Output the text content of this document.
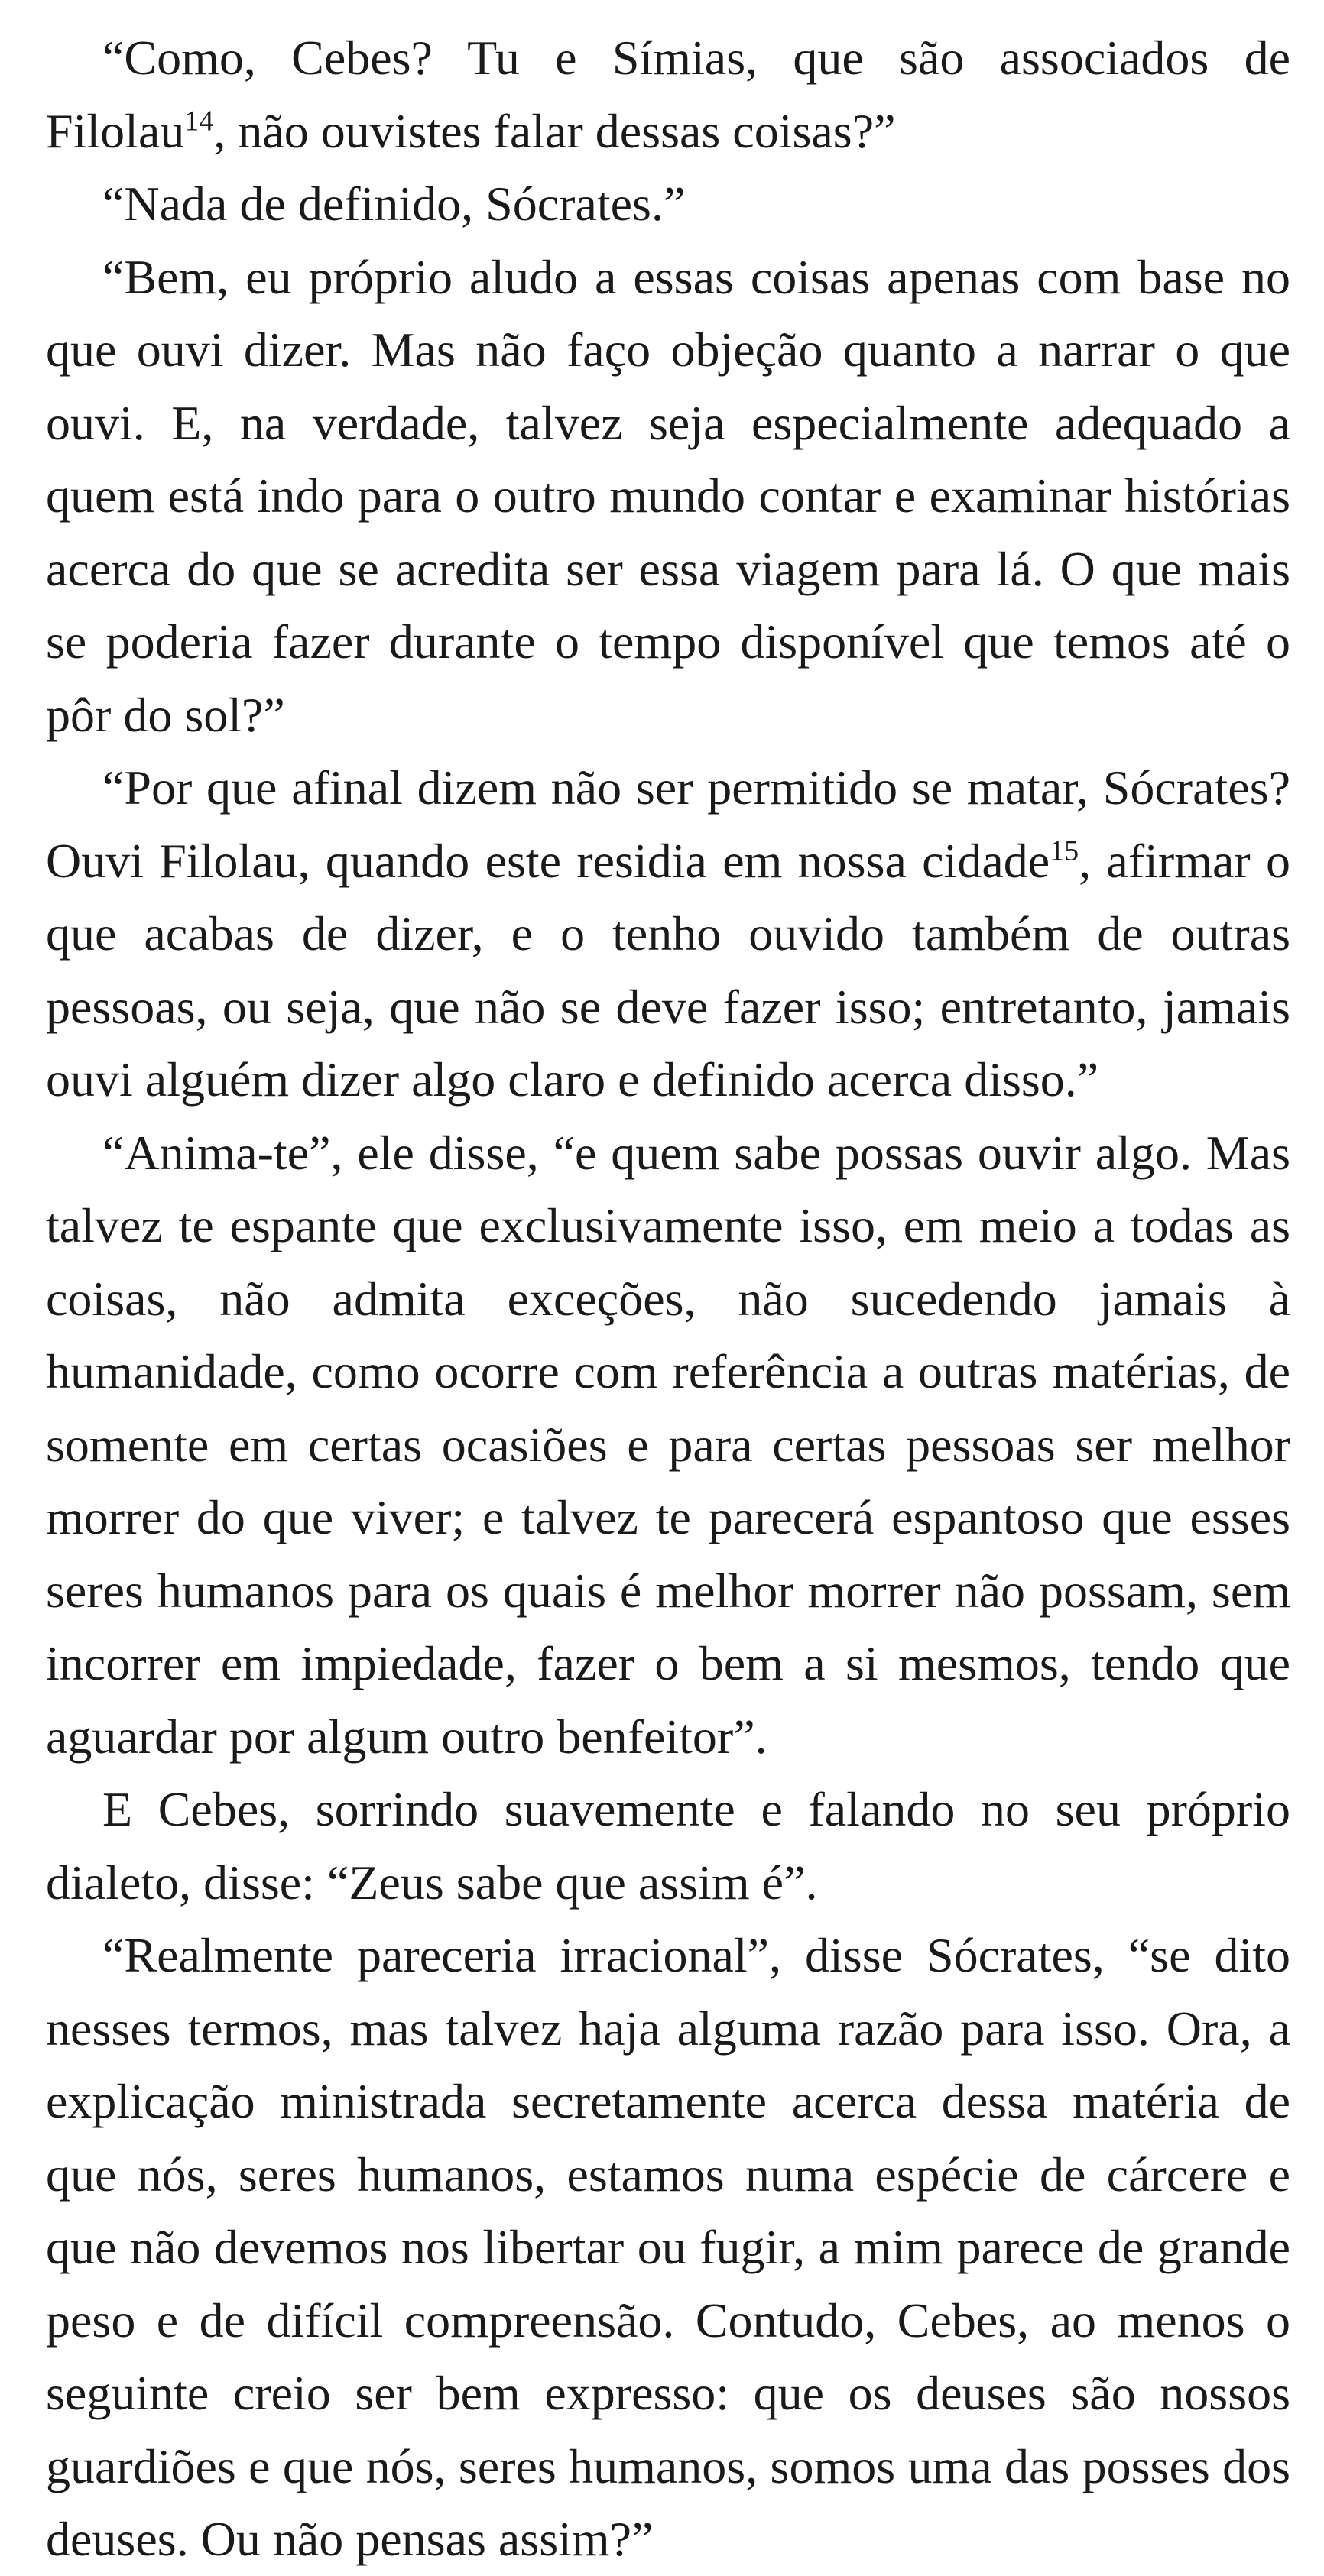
“Como, Cebes? Tu e Símias, que são associados de Filolau$^{14}$, não ouvistes falar dessas coisas?”

“Nada de definido, Sócrates.”

“Bem, eu próprio aludo a essas coisas apenas com base no que ouvi dizer. Mas não faço objeção quanto a narrar o que ouvi. E, na verdade, talvez seja especialmente adequado a quem está indo para o outro mundo contar e examinar histórias acerca do que se acredita ser essa viagem para lá. O que mais se poderia fazer durante o tempo disponível que temos até o pôr do sol?”

“Por que afinal dizem não ser permitido se matar, Sócrates? Ouvi Filolau, quando este residia em nossa cidade$^{15}$, afirmar o que acabas de dizer, e o tenho ouvido também de outras pessoas, ou seja, que não se deve fazer isso; entretanto, jamais ouvi alguém dizer algo claro e definido acerca disso.”

“Anima-te”, ele disse, “e quem sabe possas ouvir algo. Mas talvez te espante que exclusivamente isso, em meio a todas as coisas, não admita exceções, não sucedendo jamais à humanidade, como ocorre com referência a outras matérias, de somente em certas ocasiões e para certas pessoas ser melhor morrer do que viver; e talvez te parecerá espantoso que esses seres humanos para os quais é melhor morrer não possam, sem incorrer em impiedade, fazer o bem a si mesmos, tendo que aguardar por algum outro benfeitor”.

E Cebes, sorrindo suavemente e falando no seu próprio dialeto, disse: “Zeus sabe que assim é”.

“Realmente pareceria irracional”, disse Sócrates, “se dito nesses termos, mas talvez haja alguma razão para isso. Ora, a explicação ministrada secretamente acerca dessa matéria de que nós, seres humanos, estamos numa espécie de cárcere e que não devemos nos libertar ou fugir, a mim parece de grande peso e de difícil compreensão. Contudo, Cebes, ao menos o seguinte creio ser bem expresso: que os deuses são nossos guardiões e que nós, seres humanos, somos uma das posses dos deuses. Ou não pensas assim?”
